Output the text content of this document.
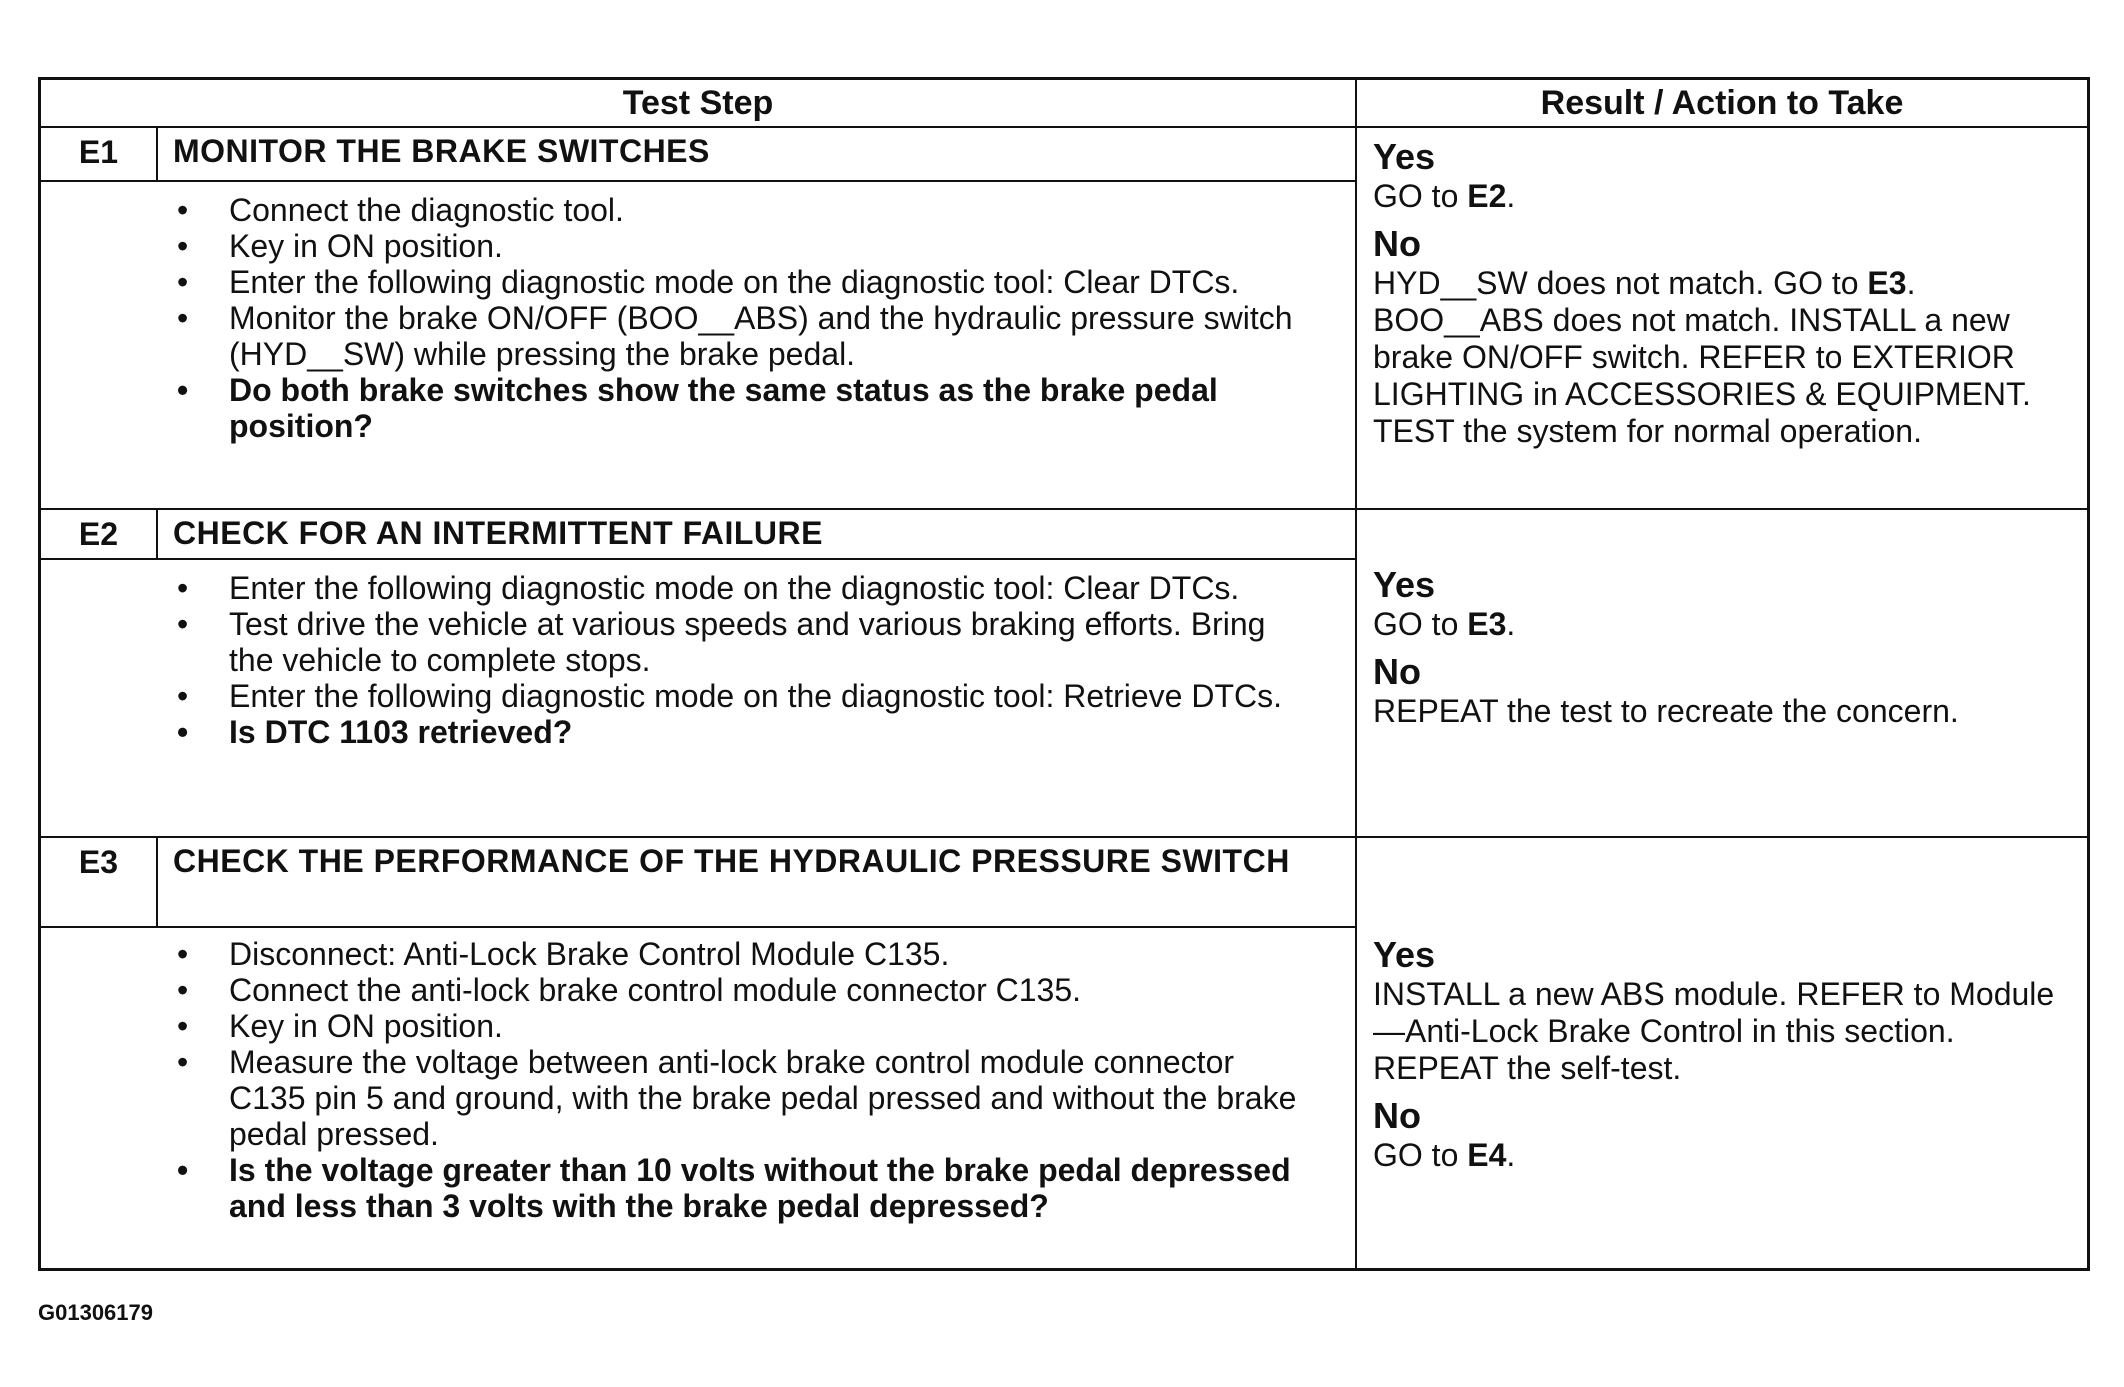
Test Step	Result / Action to Take
E1	MONITOR THE BRAKE SWITCHES
• Connect the diagnostic tool.
• Key in ON position.
• Enter the following diagnostic mode on the diagnostic tool: Clear DTCs.
• Monitor the brake ON/OFF (BOO__ABS) and the hydraulic pressure switch (HYD__SW) while pressing the brake pedal.
• Do both brake switches show the same status as the brake pedal position?
Yes
GO to E2.
No
HYD__SW does not match. GO to E3. BOO__ABS does not match. INSTALL a new brake ON/OFF switch. REFER to EXTERIOR LIGHTING in ACCESSORIES & EQUIPMENT. TEST the system for normal operation.
E2	CHECK FOR AN INTERMITTENT FAILURE
• Enter the following diagnostic mode on the diagnostic tool: Clear DTCs.
• Test drive the vehicle at various speeds and various braking efforts. Bring the vehicle to complete stops.
• Enter the following diagnostic mode on the diagnostic tool: Retrieve DTCs.
• Is DTC 1103 retrieved?
Yes
GO to E3.
No
REPEAT the test to recreate the concern.
E3	CHECK THE PERFORMANCE OF THE HYDRAULIC PRESSURE SWITCH
• Disconnect: Anti-Lock Brake Control Module C135.
• Connect the anti-lock brake control module connector C135.
• Key in ON position.
• Measure the voltage between anti-lock brake control module connector C135 pin 5 and ground, with the brake pedal pressed and without the brake pedal pressed.
• Is the voltage greater than 10 volts without the brake pedal depressed and less than 3 volts with the brake pedal depressed?
Yes
INSTALL a new ABS module. REFER to Module—Anti-Lock Brake Control in this section. REPEAT the self-test.
No
GO to E4.
G01306179
